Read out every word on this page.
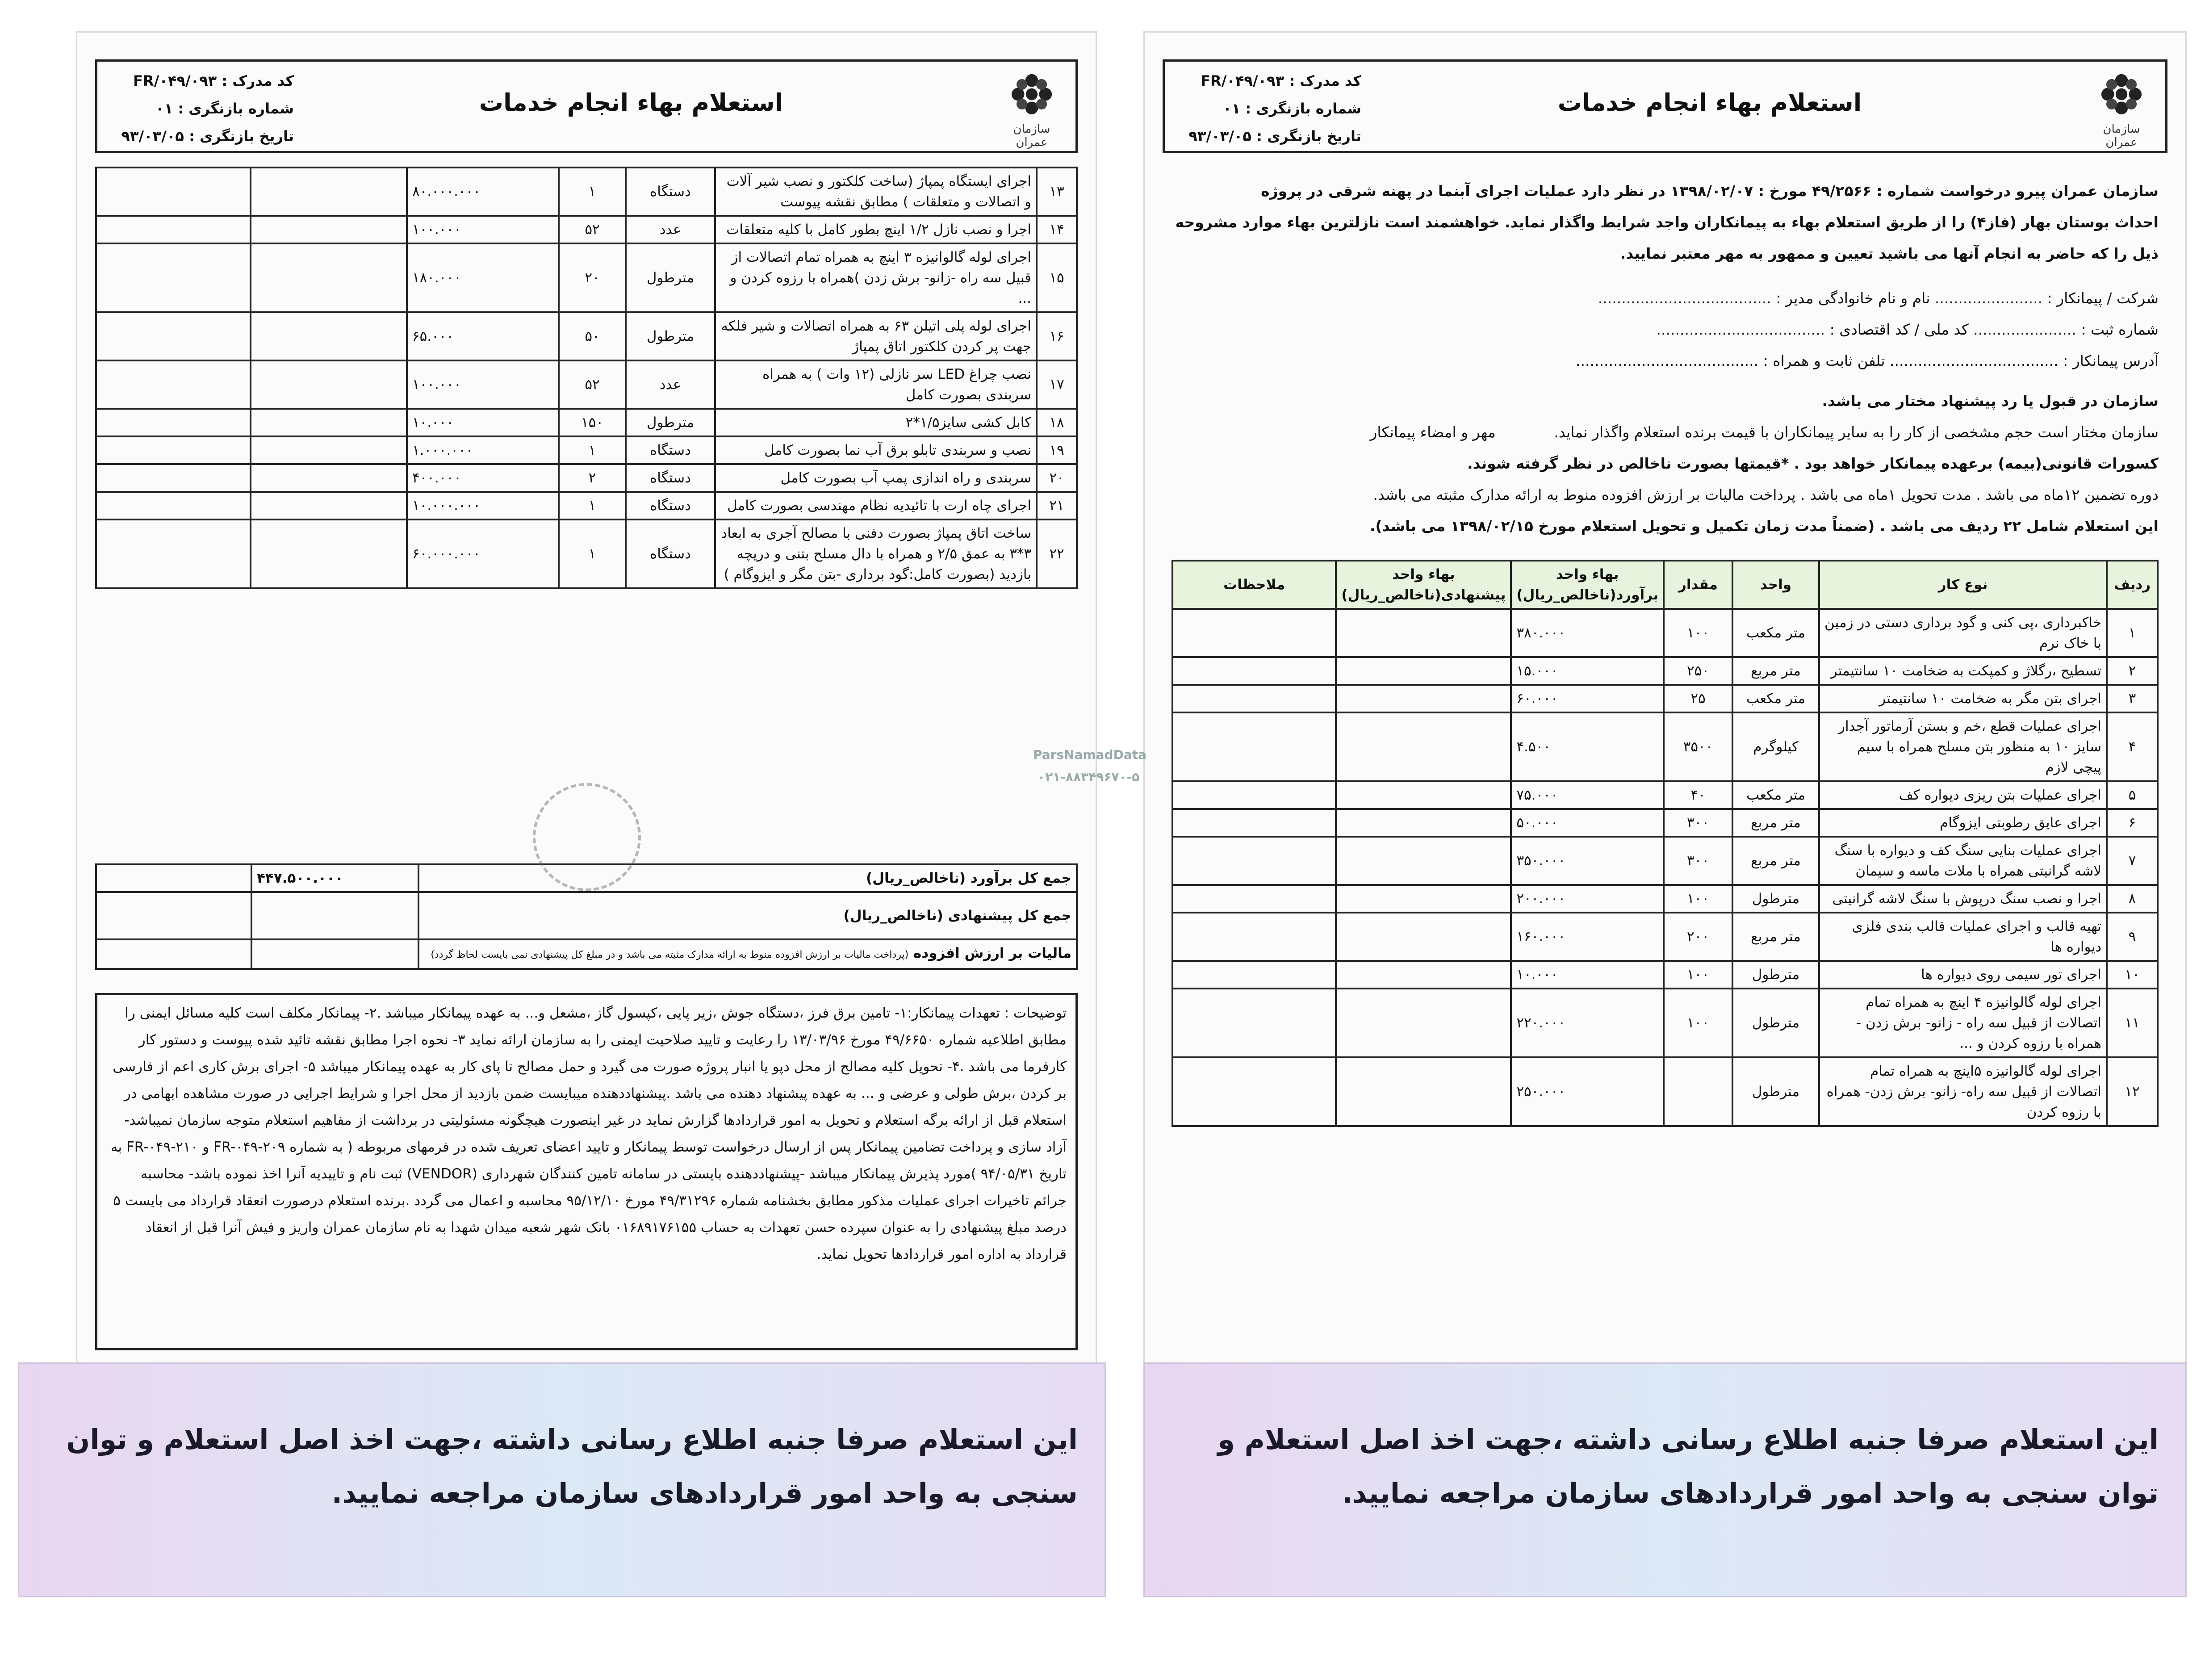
سازمان عمران
استعلام بهاء انجام خدمات
کد مدرک : FR/۰۴۹/۰۹۳
شماره بازنگری : ۰۱
تاریخ بازنگری : ۹۳/۰۳/۰۵
سازمان عمران پیرو درخواست شماره : ۴۹/۲۵۶۶ مورخ : ۱۳۹۸/۰۲/۰۷ در نظر دارد عملیات اجرای آبنما در پهنه شرقی در پروژه
احداث بوستان بهار (فاز۴) را از طریق استعلام بهاء به پیمانکاران واجد شرایط واگذار نماید. خواهشمند است نازلترین بهاء موارد مشروحه
ذیل را که حاضر به انجام آنها می باشید تعیین و ممهور به مهر معتبر نمایید.
شرکت / پیمانکار : ....................... نام و نام خانوادگی مدیر : .....................................
شماره ثبت : ...................... کد ملی / کد اقتصادی : ....................................
آدرس پیمانکار : .................................... تلفن ثابت و همراه : .......................................
سازمان در قبول یا رد پیشنهاد مختار می باشد.
سازمان مختار است حجم مشخصی از کار را به سایر پیمانکاران با قیمت برنده استعلام واگذار نماید. مهر و امضاء پیمانکار
کسورات قانونی(بیمه) برعهده پیمانکار خواهد بود . *قیمتها بصورت ناخالص در نظر گرفته شوند.
دوره تضمین ۱۲ماه می باشد . مدت تحویل ۱ماه می باشد . پرداخت مالیات بر ارزش افزوده منوط به ارائه مدارک مثبته می باشد.
این استعلام شامل ۲۲ ردیف می باشد . (ضمناً مدت زمان تکمیل و تحویل استعلام مورخ ۱۳۹۸/۰۲/۱۵ می باشد).
ردیف	نوع کار	واحد	مقدار	بهاء واحد برآورد(ناخالص_ریال)	بهاء واحد پیشنهادی(ناخالص_ریال)	ملاحظات
۱	خاکبرداری ،پی کنی و گود برداری دستی در زمین با خاک نرم	متر مکعب	۱۰۰	۳۸۰.۰۰۰		
۲	تسطیح ،رگلاژ و کمپکت به ضخامت ۱۰ سانتیمتر	متر مربع	۲۵۰	۱۵.۰۰۰		
۳	اجرای بتن مگر به ضخامت ۱۰ سانتیمتر	متر مکعب	۲۵	۶۰.۰۰۰		
۴	اجرای عملیات قطع ،خم و بستن آرماتور آجدار سایز ۱۰ به منظور بتن مسلح همراه با سیم پیچی لازم	کیلوگرم	۳۵۰۰	۴.۵۰۰		
۵	اجرای عملیات بتن ریزی دیواره کف	متر مکعب	۴۰	۷۵.۰۰۰		
۶	اجرای عایق رطوبتی ایزوگام	متر مربع	۳۰۰	۵۰.۰۰۰		
۷	اجرای عملیات بنایی سنگ کف و دیواره با سنگ لاشه گرانیتی همراه با ملات ماسه و سیمان	متر مربع	۳۰۰	۳۵۰.۰۰۰		
۸	اجرا و نصب سنگ درپوش با سنگ لاشه گرانیتی	مترطول	۱۰۰	۲۰۰.۰۰۰		
۹	تهیه قالب و اجرای عملیات قالب بندی فلزی دیواره ها	متر مربع	۲۰۰	۱۶۰.۰۰۰		
۱۰	اجرای تور سیمی روی دیواره ها	مترطول	۱۰۰	۱۰.۰۰۰		
۱۱	اجرای لوله گالوانیزه ۴ اینچ به همراه تمام اتصالات از قبیل سه راه - زانو- برش زدن - همراه با رزوه کردن و ...	مترطول	۱۰۰	۲۲۰.۰۰۰		
۱۲	اجرای لوله گالوانیزه ۵اینچ به همراه تمام اتصالات از قبیل سه راه- زانو- برش زدن- همراه با رزوه کردن	مترطول		۲۵۰.۰۰۰		
این استعلام صرفا جنبه اطلاع رسانی داشته ،جهت اخذ اصل استعلام و توان سنجی به واحد امور قراردادهای سازمان مراجعه نمایید.
سازمان عمران
استعلام بهاء انجام خدمات
کد مدرک : FR/۰۴۹/۰۹۳
شماره بازنگری : ۰۱
تاریخ بازنگری : ۹۳/۰۳/۰۵
۱۳	اجرای ایستگاه پمپاژ (ساخت کلکتور و نصب شیر آلات و اتصالات و متعلقات ) مطابق نقشه پیوست	دستگاه	۱	۸۰.۰۰۰.۰۰۰		
۱۴	اجرا و نصب نازل ۱/۲ اینچ بطور کامل با کلیه متعلقات	عدد	۵۲	۱۰۰.۰۰۰		
۱۵	اجرای لوله گالوانیزه ۳ اینچ به همراه تمام اتصالات از قبیل سه راه -زانو- برش زدن )همراه با رزوه کردن و ...	مترطول	۲۰	۱۸۰.۰۰۰		
۱۶	اجرای لوله پلی اتیلن ۶۳ به همراه اتصالات و شیر فلکه جهت پر کردن کلکتور اتاق پمپاژ	مترطول	۵۰	۶۵.۰۰۰		
۱۷	نصب چراغ LED سر نازلی (۱۲ وات ) به همراه سربندی بصورت کامل	عدد	۵۲	۱۰۰.۰۰۰		
۱۸	کابل کشی سایز۱/۵*۲	مترطول	۱۵۰	۱۰.۰۰۰		
۱۹	نصب و سربندی تابلو برق آب نما بصورت کامل	دستگاه	۱	۱.۰۰۰.۰۰۰		
۲۰	سربندی و راه اندازی پمپ آب بصورت کامل	دستگاه	۲	۴۰۰.۰۰۰		
۲۱	اجرای چاه ارت با تائیدیه نظام مهندسی بصورت کامل	دستگاه	۱	۱۰.۰۰۰.۰۰۰		
۲۲	ساخت اتاق پمپاژ بصورت دفنی با مصالح آجری به ابعاد ۳*۳ به عمق ۲/۵ و همراه با دال مسلح بتنی و دریچه بازدید (بصورت کامل:گود برداری -بتن مگر و ایزوگام )	دستگاه	۱	۶۰.۰۰۰.۰۰۰		
جمع کل برآورد (ناخالص_ریال)	۴۴۷.۵۰۰.۰۰۰	
جمع کل پیشنهادی (ناخالص_ریال)		
مالیات بر ارزش افزوده (پرداخت مالیات بر ارزش افزوده منوط به ارائه مدارک مثبته می باشد و در مبلغ کل پیشنهادی نمی بایست لحاظ گردد)		
توضیحات : تعهدات پیمانکار:۱- تامین برق فرز ،دستگاه جوش ،زیر پایی ،کپسول گاز ،مشعل و... به عهده پیمانکار میباشد .۲- پیمانکار مکلف است کلیه مسائل ایمنی را مطابق اطلاعیه شماره ۴۹/۶۶۵۰ مورخ ۱۳/۰۳/۹۶ را رعایت و تایید صلاحیت ایمنی را به سازمان ارائه نماید ۳- نحوه اجرا مطابق نقشه تائید شده پیوست و دستور کار کارفرما می باشد .۴- تحویل کلیه مصالح از محل دپو یا انبار پروژه صورت می گیرد و حمل مصالح تا پای کار به عهده پیمانکار میباشد ۵- اجرای برش کاری اعم از فارسی بر کردن ،برش طولی و عرضی و ... به عهده پیشنهاد دهنده می باشد .پیشنهاددهنده میبایست ضمن بازدید از محل اجرا و شرایط اجرایی در صورت مشاهده ابهامی در استعلام قبل از ارائه برگه استعلام و تحویل به امور قراردادها گزارش نماید در غیر اینصورت هیچگونه مسئولیتی در برداشت از مفاهیم استعلام متوجه سازمان نمیباشد-آزاد سازی و پرداخت تضامین پیمانکار پس از ارسال درخواست توسط پیمانکار و تایید اعضای تعریف شده در فرمهای مربوطه ( به شماره FR-۰۴۹-۲۰۹ و FR-۰۴۹-۲۱۰ به تاریخ ۹۴/۰۵/۳۱ )مورد پذیرش پیمانکار میباشد -پیشنهاددهنده بایستی در سامانه تامین کنندگان شهرداری (VENDOR) ثبت نام و تاییدیه آنرا اخذ نموده باشد- محاسبه جرائم تاخیرات اجرای عملیات مذکور مطابق بخشنامه شماره ۴۹/۳۱۲۹۶ مورخ ۹۵/۱۲/۱۰ محاسبه و اعمال می گردد .برنده استعلام درصورت انعقاد قرارداد می بایست ۵ درصد مبلغ پیشنهادی را به عنوان سپرده حسن تعهدات به حساب ۰۱۶۸۹۱۷۶۱۵۵ بانک شهر شعبه میدان شهدا به نام سازمان عمران واریز و فیش آنرا قبل از انعقاد قرارداد به اداره امور قراردادها تحویل نماید.
ParsNamadData
۰۲۱-۸۸۳۴۹۶۷۰-۵
این استعلام صرفا جنبه اطلاع رسانی داشته ،جهت اخذ اصل استعلام و توان سنجی به واحد امور قراردادهای سازمان مراجعه نمایید.
